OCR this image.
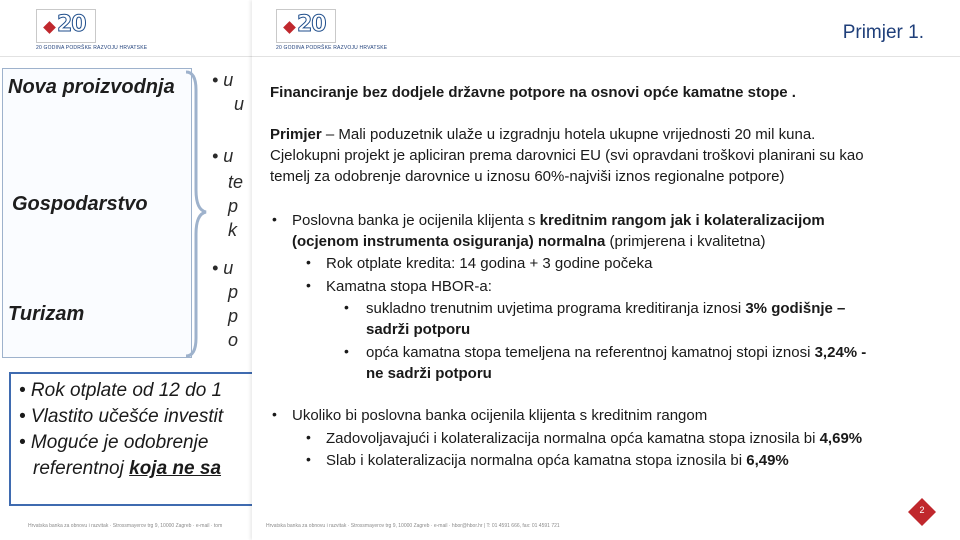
20
20 GODINA PODRŠKE RAZVOJU HRVATSKE
Nova proizvodnja
Gospodarstvo
Turizam
• u
u
• u
te
p
k
• u
p
p
o
• Rok otplate od 12 do 1
• Vlastito učešće investit
• Moguće je odobrenje
referentnoj koja ne sa
Hrvatska banka za obnovu i razvitak · Strossmayerov trg 9, 10000 Zagreb · e-mail · tom
20
20 GODINA PODRŠKE RAZVOJU HRVATSKE
Primjer 1.
Financiranje bez dodjele državne potpore na osnovi opće kamatne stope .
Primjer – Mali poduzetnik ulaže u izgradnju hotela ukupne vrijednosti 20 mil kuna.
Cjelokupni projekt je apliciran prema darovnici EU (svi opravdani troškovi planirani su kao
temelj za odobrenje darovnice u iznosu 60%-najviši iznos regionalne potpore)
• Poslovna banka je ocijenila klijenta s kreditnim rangom jak i kolateralizacijom
(ocjenom instrumenta osiguranja) normalna (primjerena i kvalitetna)
• Rok otplate kredita: 14 godina + 3 godine počeka
• Kamatna stopa HBOR-a:
• sukladno trenutnim uvjetima programa kreditiranja iznosi 3% godišnje –
sadrži potporu
• opća kamatna stopa temeljena na referentnoj kamatnoj stopi iznosi 3,24% -
ne sadrži potporu
• Ukoliko bi poslovna banka ocijenila klijenta s kreditnim rangom
• Zadovoljavajući i kolateralizacija normalna opća kamatna stopa iznosila bi 4,69%
• Slab i kolateralizacija normalna opća kamatna stopa iznosila bi 6,49%
Hrvatska banka za obnovu i razvitak · Strossmayerov trg 9, 10000 Zagreb · e-mail · hbor@hbor.hr | T: 01 4591 666, fax: 01 4591 721
2
